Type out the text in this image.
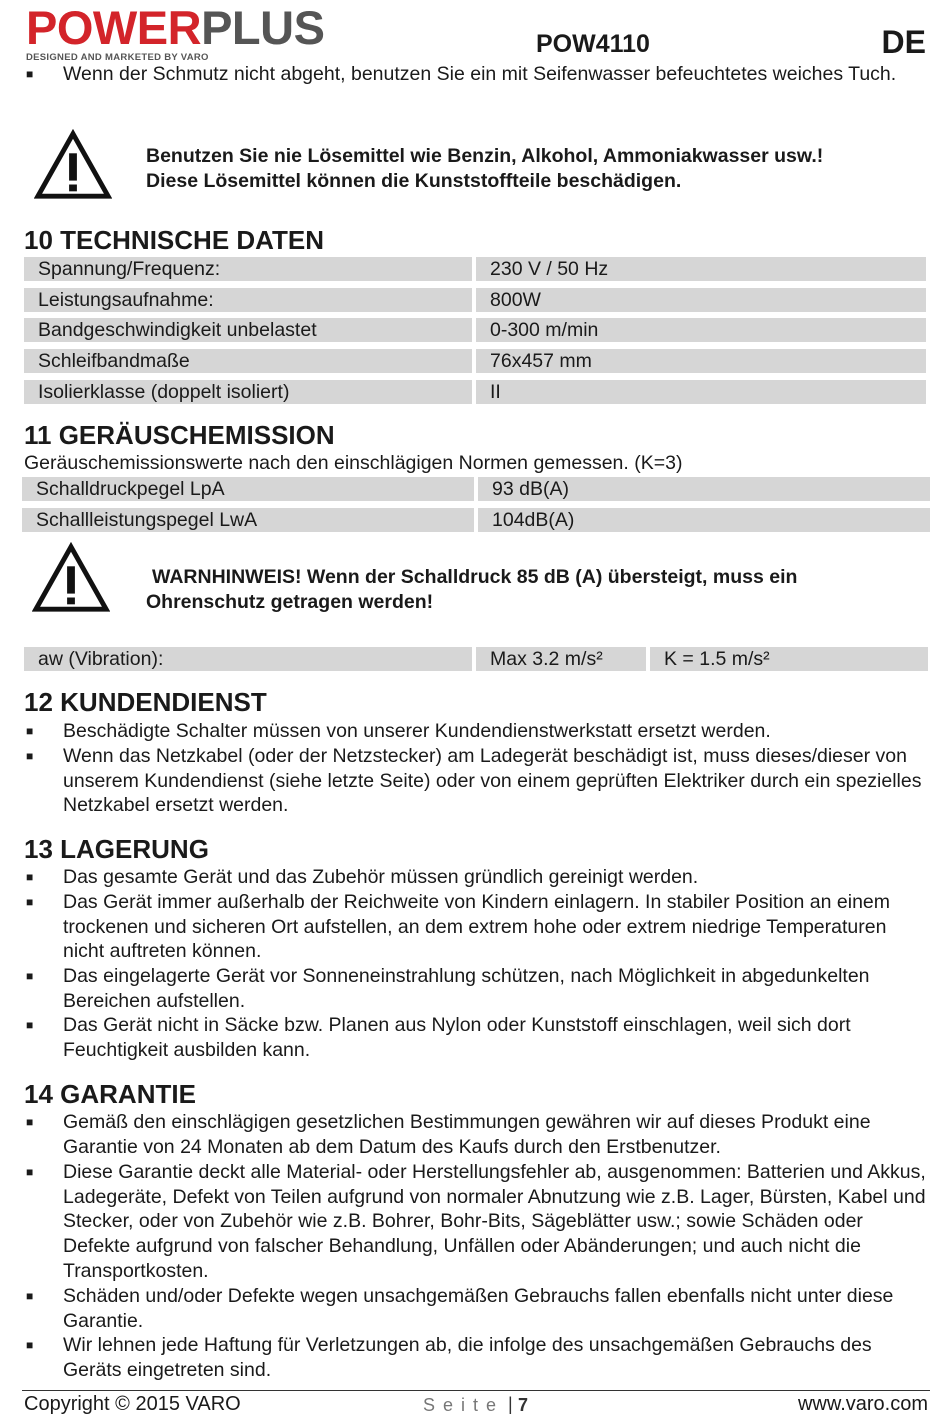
POWERPLUS
DESIGNED AND MARKETED BY VARO	POW4110	DE
■ Wenn der Schmutz nicht abgeht, benutzen Sie ein mit Seifenwasser befeuchtetes weiches Tuch.
Benutzen Sie nie Lösemittel wie Benzin, Alkohol, Ammoniakwasser usw.!
Diese Lösemittel können die Kunststoffteile beschädigen.
10 TECHNISCHE DATEN
Spannung/Frequenz:	230 V / 50 Hz
Leistungsaufnahme:	800W
Bandgeschwindigkeit unbelastet	0-300 m/min
Schleifbandmaße	76x457 mm
Isolierklasse (doppelt isoliert)	II
11 GERÄUSCHEMISSION
Geräuschemissionswerte nach den einschlägigen Normen gemessen. (K=3)
Schalldruckpegel LpA	93 dB(A)
Schallleistungspegel LwA	104dB(A)
WARNHINWEIS! Wenn der Schalldruck 85 dB (A) übersteigt, muss ein
Ohrenschutz getragen werden!
aw (Vibration):	Max 3.2 m/s²	K = 1.5 m/s²
12 KUNDENDIENST
■ Beschädigte Schalter müssen von unserer Kundendienstwerkstatt ersetzt werden.
■ Wenn das Netzkabel (oder der Netzstecker) am Ladegerät beschädigt ist, muss dieses/dieser von unserem Kundendienst (siehe letzte Seite) oder von einem geprüften Elektriker durch ein spezielles Netzkabel ersetzt werden.
13 LAGERUNG
■ Das gesamte Gerät und das Zubehör müssen gründlich gereinigt werden.
■ Das Gerät immer außerhalb der Reichweite von Kindern einlagern. In stabiler Position an einem trockenen und sicheren Ort aufstellen, an dem extrem hohe oder extrem niedrige Temperaturen nicht auftreten können.
■ Das eingelagerte Gerät vor Sonneneinstrahlung schützen, nach Möglichkeit in abgedunkelten Bereichen aufstellen.
■ Das Gerät nicht in Säcke bzw. Planen aus Nylon oder Kunststoff einschlagen, weil sich dort Feuchtigkeit ausbilden kann.
14 GARANTIE
■ Gemäß den einschlägigen gesetzlichen Bestimmungen gewähren wir auf dieses Produkt eine Garantie von 24 Monaten ab dem Datum des Kaufs durch den Erstbenutzer.
■ Diese Garantie deckt alle Material- oder Herstellungsfehler ab, ausgenommen: Batterien und Akkus, Ladegeräte, Defekt von Teilen aufgrund von normaler Abnutzung wie z.B. Lager, Bürsten, Kabel und Stecker, oder von Zubehör wie z.B. Bohrer, Bohr-Bits, Sägeblätter usw.; sowie Schäden oder Defekte aufgrund von falscher Behandlung, Unfällen oder Abänderungen; und auch nicht die Transportkosten.
■ Schäden und/oder Defekte wegen unsachgemäßen Gebrauchs fallen ebenfalls nicht unter diese Garantie.
■ Wir lehnen jede Haftung für Verletzungen ab, die infolge des unsachgemäßen Gebrauchs des Geräts eingetreten sind.
Copyright © 2015 VARO	Seite | 7	www.varo.com
